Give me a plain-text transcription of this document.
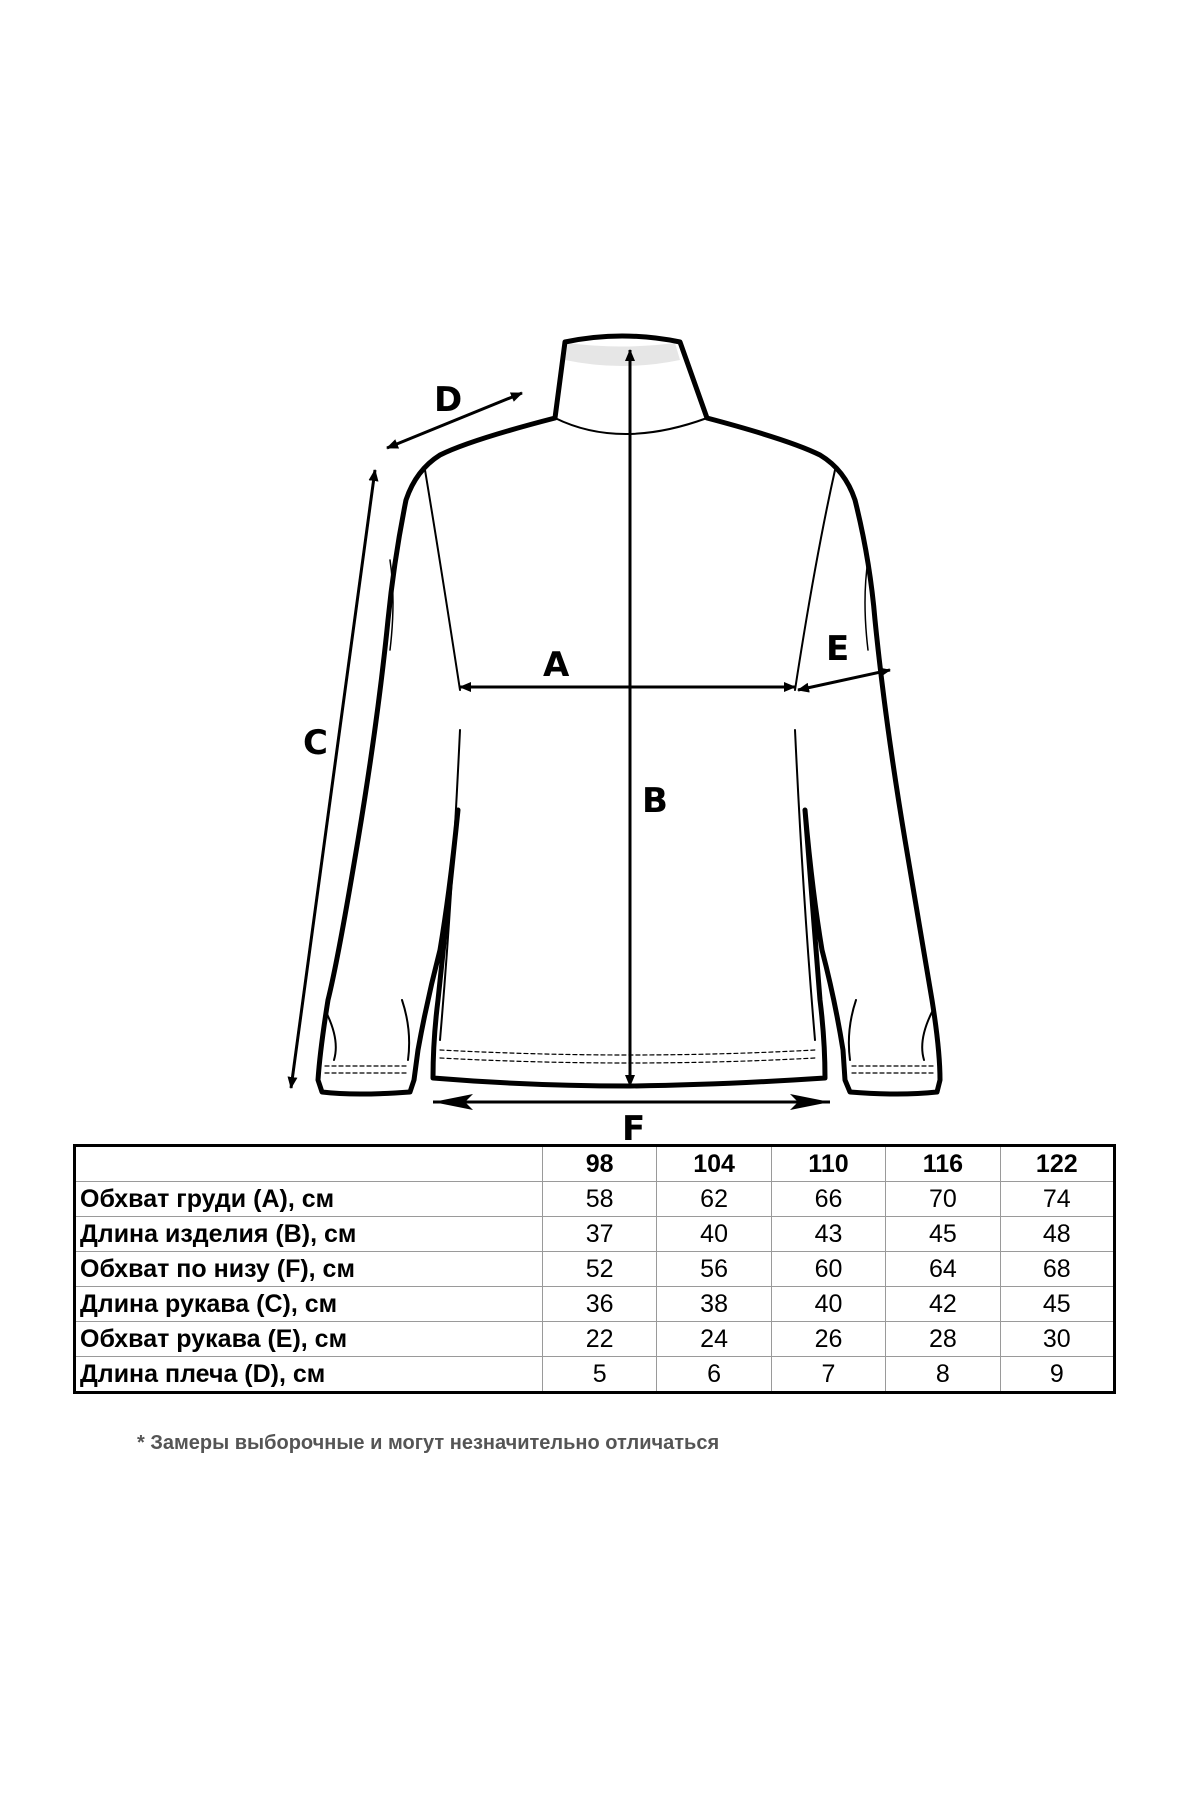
A
B
C
D
E
F
	98	104	110	116	122
Обхват груди (A), см	58	62	66	70	74
Длина изделия (B), см	37	40	43	45	48
Обхват по низу (F), см	52	56	60	64	68
Длина рукава (C), см	36	38	40	42	45
Обхват рукава (E), см	22	24	26	28	30
Длина плеча (D), см	5	6	7	8	9
* Замеры выборочные и могут незначительно отличаться
